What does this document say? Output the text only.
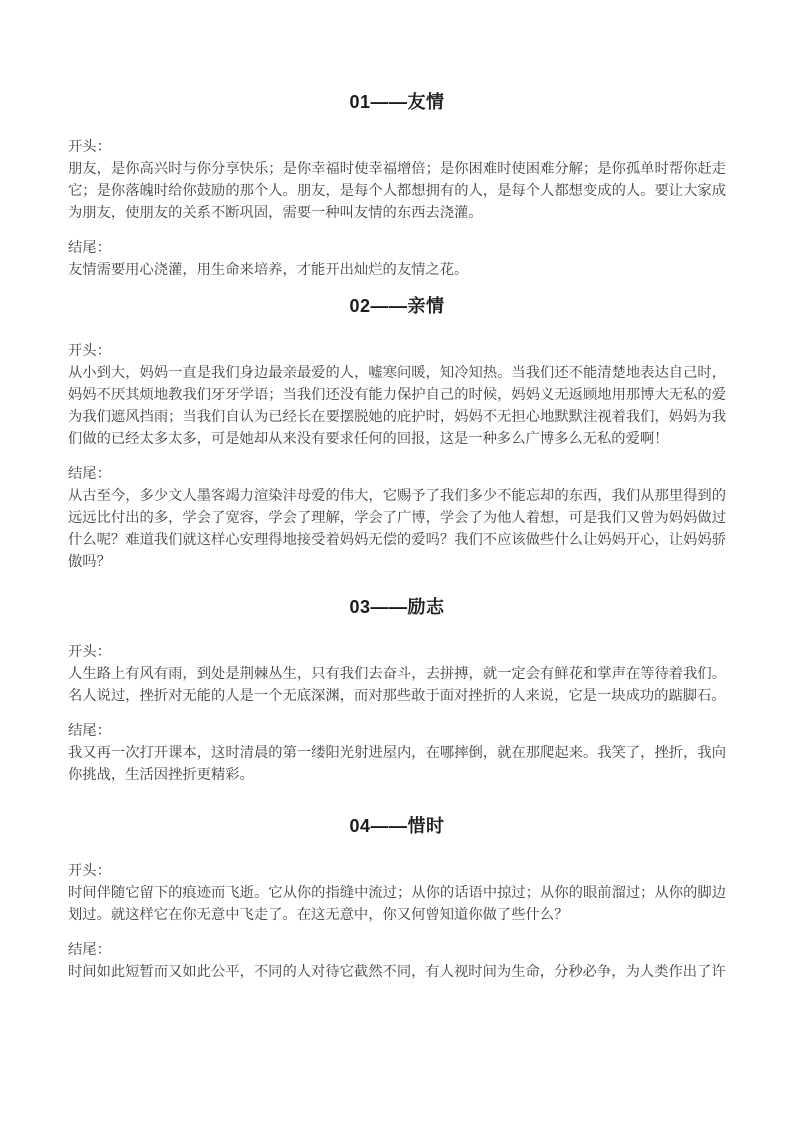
01——友情
开头：

朋友，是你高兴时与你分享快乐；是你幸福时使幸福增倍；是你困难时使困难分解；是你孤单时帮你赶走它；是你落魄时给你鼓励的那个人。朋友，是每个人都想拥有的人，是每个人都想变成的人。要让大家成为朋友，使朋友的关系不断巩固，需要一种叫友情的东西去浇灌。

结尾：

友情需要用心浇灌，用生命来培养，才能开出灿烂的友情之花。

02——亲情
开头：

从小到大，妈妈一直是我们身边最亲最爱的人，嘘寒问暖，知冷知热。当我们还不能清楚地表达自己时，妈妈不厌其烦地教我们牙牙学语；当我们还没有能力保护自己的时候，妈妈义无返顾地用那博大无私的爱为我们遮风挡雨；当我们自认为已经长在要摆脱她的庇护时，妈妈不无担心地默默注视着我们，妈妈为我们做的已经太多太多，可是她却从来没有要求任何的回报，这是一种多么广博多么无私的爱啊！

结尾：

从古至今，多少文人墨客竭力渲染沣母爱的伟大，它赐予了我们多少不能忘却的东西，我们从那里得到的远远比付出的多，学会了宽容，学会了理解，学会了广博，学会了为他人着想，可是我们又曾为妈妈做过什么呢？难道我们就这样心安理得地接受着妈妈无偿的爱吗？我们不应该做些什么让妈妈开心，让妈妈骄傲吗？

03——励志
开头：

人生路上有风有雨，到处是荆棘丛生，只有我们去奋斗，去拼搏，就一定会有鲜花和掌声在等待着我们。名人说过，挫折对无能的人是一个无底深渊，而对那些敢于面对挫折的人来说，它是一块成功的踮脚石。

结尾：

我又再一次打开课本，这时清晨的第一缕阳光射进屋内，在哪摔倒，就在那爬起来。我笑了，挫折，我向你挑战，生活因挫折更精彩。

04——惜时
开头：

时间伴随它留下的痕迹而飞逝。它从你的指缝中流过；从你的话语中掠过；从你的眼前溜过；从你的脚边划过。就这样它在你无意中飞走了。在这无意中，你又何曾知道你做了些什么？

结尾：

时间如此短暂而又如此公平，不同的人对待它截然不同，有人视时间为生命，分秒必争，为人类作出了许
